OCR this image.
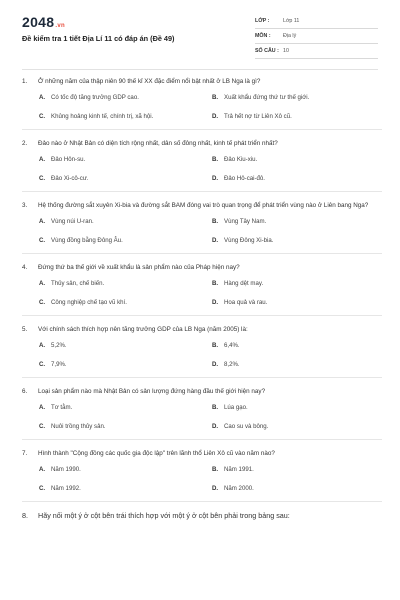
2048.vn
Đề kiểm tra 1 tiết Địa Lí 11 có đáp án (Đề 49)
LỚP :	Lớp 11
MÔN :	Địa lý
SỐ CÂU : 10
1.	Ở những năm của thập niên 90 thế kỉ XX đặc điểm nổi bật nhất ở LB Nga là gì?
A. Có tốc độ tăng trưởng GDP cao.	B. Xuất khẩu đứng thứ tư thế giới.
C. Khủng hoảng kinh tế, chính trị, xã hội.	D. Trả hết nợ từ Liên Xô cũ.
2.	Đảo nào ở Nhật Bản có diện tích rộng nhất, dân số đông nhất, kinh tế phát triển nhất?
A. Đảo Hôn-su.	B. Đảo Kiu-xiu.
C. Đảo Xi-cô-cư.	D. Đảo Hô-cai-đô.
3.	Hệ thống đường sắt xuyên Xi-bia và đường sắt BAM đóng vai trò quan trọng để phát triển vùng nào ở Liên bang Nga?
A. Vùng núi U-ran.	B. Vùng Tây Nam.
C. Vùng đồng bằng Đông Âu.	D. Vùng Đông Xi-bia.
4.	Đứng thứ ba thế giới về xuất khẩu là sản phẩm nào của Pháp hiện nay?
A. Thủy sản, chế biến.	B. Hàng dệt may.
C. Công nghiệp chế tạo vũ khí.	D. Hoa quả và rau.
5.	Với chính sách thích hợp nên tăng trưởng GDP của LB Nga (năm 2005) là:
A. 5,2%.	B. 6,4%.
C. 7,9%.	D. 8,2%.
6.	Loại sản phẩm nào mà Nhật Bản có sản lượng đứng hàng đầu thế giới hiện nay?
A. Tơ tằm.	B. Lúa gạo.
C. Nuôi trồng thủy sản.	D. Cao su và bông.
7.	Hình thành "Cộng đồng các quốc gia độc lập" trên lãnh thổ Liên Xô cũ vào năm nào?
A. Năm 1990.	B. Năm 1991.
C. Năm 1992.	D. Năm 2000.
8.	Hãy nối một ý ở cột bên trái thích hợp với một ý ở cột bên phải trong bảng sau:
